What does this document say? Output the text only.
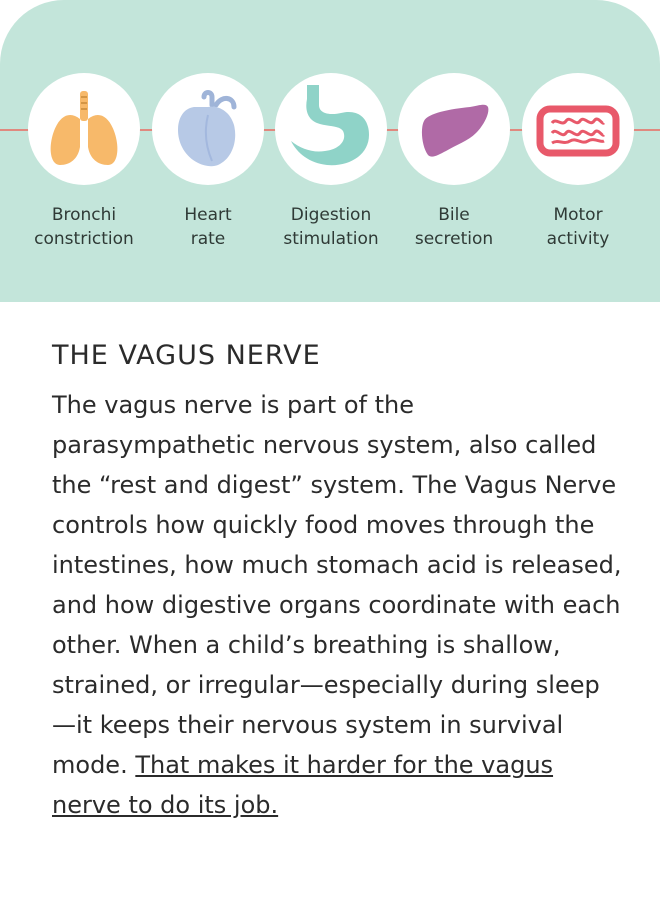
Bronchi
constriction
Heart
rate
Digestion
stimulation
Bile
secretion
Motor
activity
THE VAGUS NERVE

The vagus nerve is part of the parasympathetic nervous system, also called the “rest and digest” system. The Vagus Nerve controls how quickly food moves through the intestines, how much stomach acid is released, and how digestive organs coordinate with each other. When a child’s breathing is shallow, strained, or irregular—especially during sleep—it keeps their nervous system in survival mode. That makes it harder for the vagus nerve to do its job.
